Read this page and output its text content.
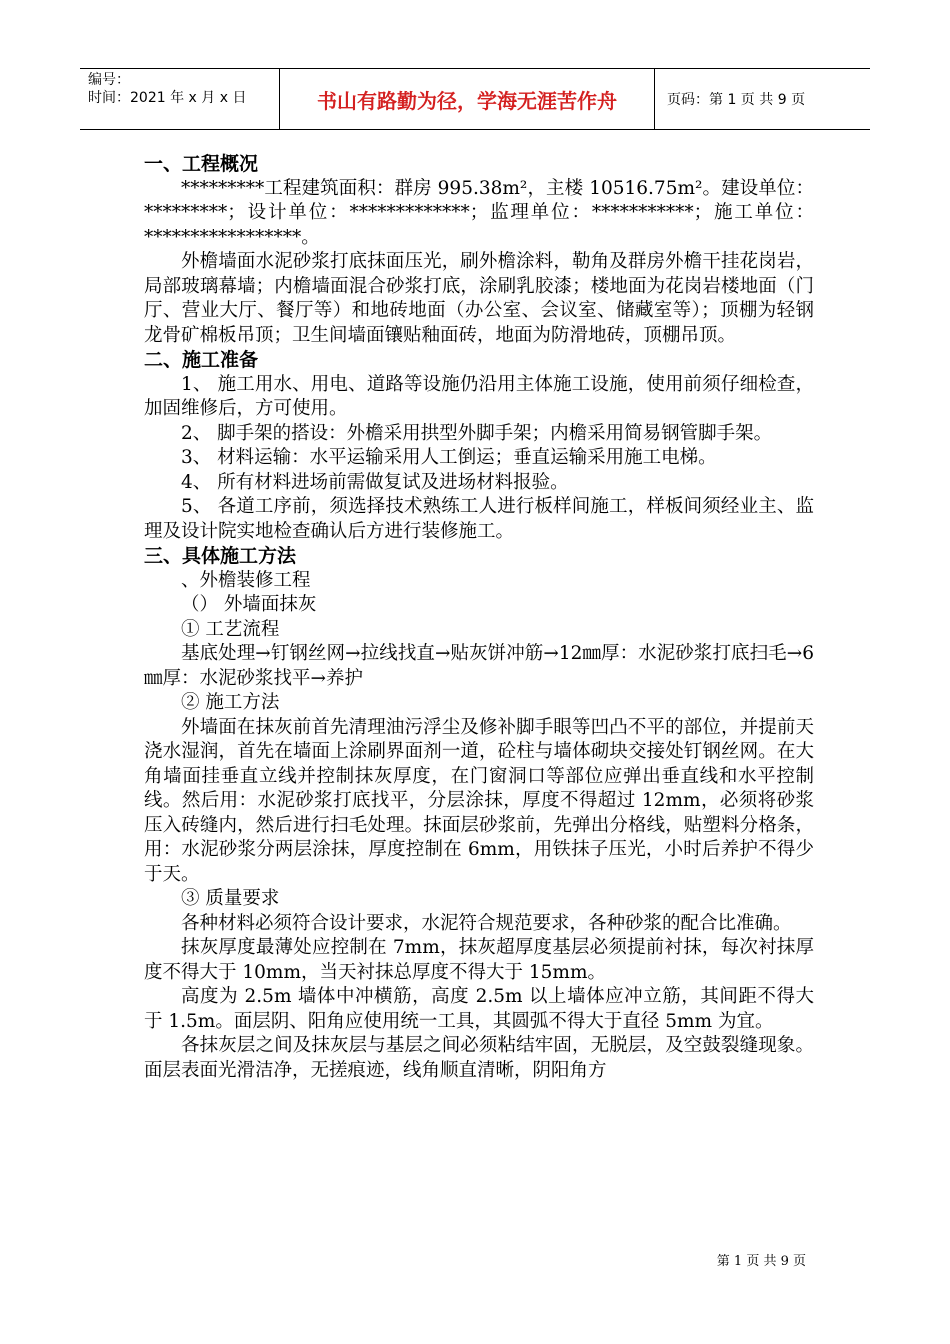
编号：
时间：2021 年 x 月 x 日	书山有路勤为径，学海无涯苦作舟	页码：第 1 页 共 9 页

一、工程概况

*********工程建筑面积：群房 995.38m²，主楼 10516.75m²。建设单位：*********；设计单位：*************；监理单位：***********；施工单位：*****************。

外檐墙面水泥砂浆打底抹面压光，刷外檐涂料，勒角及群房外檐干挂花岗岩，局部玻璃幕墙；内檐墙面混合砂浆打底，涂刷乳胶漆；楼地面为花岗岩楼地面（门厅、营业大厅、餐厅等）和地砖地面（办公室、会议室、储藏室等）；顶棚为轻钢龙骨矿棉板吊顶；卫生间墙面镶贴釉面砖，地面为防滑地砖，顶棚吊顶。

二、施工准备

1、 施工用水、用电、道路等设施仍沿用主体施工设施，使用前须仔细检查，加固维修后，方可使用。

2、 脚手架的搭设：外檐采用拱型外脚手架；内檐采用简易钢管脚手架。

3、 材料运输：水平运输采用人工倒运；垂直运输采用施工电梯。

4、 所有材料进场前需做复试及进场材料报验。

5、 各道工序前，须选择技术熟练工人进行板样间施工，样板间须经业主、监理及设计院实地检查确认后方进行装修施工。

三、具体施工方法

、外檐装修工程

（） 外墙面抹灰

① 工艺流程

基底处理→钉钢丝网→拉线找直→贴灰饼冲筋→12㎜厚：水泥砂浆打底扫毛→6㎜厚：水泥砂浆找平→养护

② 施工方法

外墙面在抹灰前首先清理油污浮尘及修补脚手眼等凹凸不平的部位，并提前天浇水湿润，首先在墙面上涂刷界面剂一道，砼柱与墙体砌块交接处钉钢丝网。在大角墙面挂垂直立线并控制抹灰厚度，在门窗洞口等部位应弹出垂直线和水平控制线。然后用：水泥砂浆打底找平，分层涂抹，厚度不得超过 12mm，必须将砂浆压入砖缝内，然后进行扫毛处理。抹面层砂浆前，先弹出分格线，贴塑料分格条，用：水泥砂浆分两层涂抹，厚度控制在 6mm，用铁抹子压光，小时后养护不得少于天。

③ 质量要求

各种材料必须符合设计要求，水泥符合规范要求，各种砂浆的配合比准确。

抹灰厚度最薄处应控制在 7mm，抹灰超厚度基层必须提前衬抹，每次衬抹厚度不得大于 10mm，当天衬抹总厚度不得大于 15mm。

高度为 2.5m 墙体中冲横筋，高度 2.5m 以上墙体应冲立筋，其间距不得大于 1.5m。面层阴、阳角应使用统一工具，其圆弧不得大于直径 5mm 为宜。

各抹灰层之间及抹灰层与基层之间必须粘结牢固，无脱层，及空鼓裂缝现象。面层表面光滑洁净，无搓痕迹，线角顺直清晰，阴阳角方

第 1 页 共 9 页
